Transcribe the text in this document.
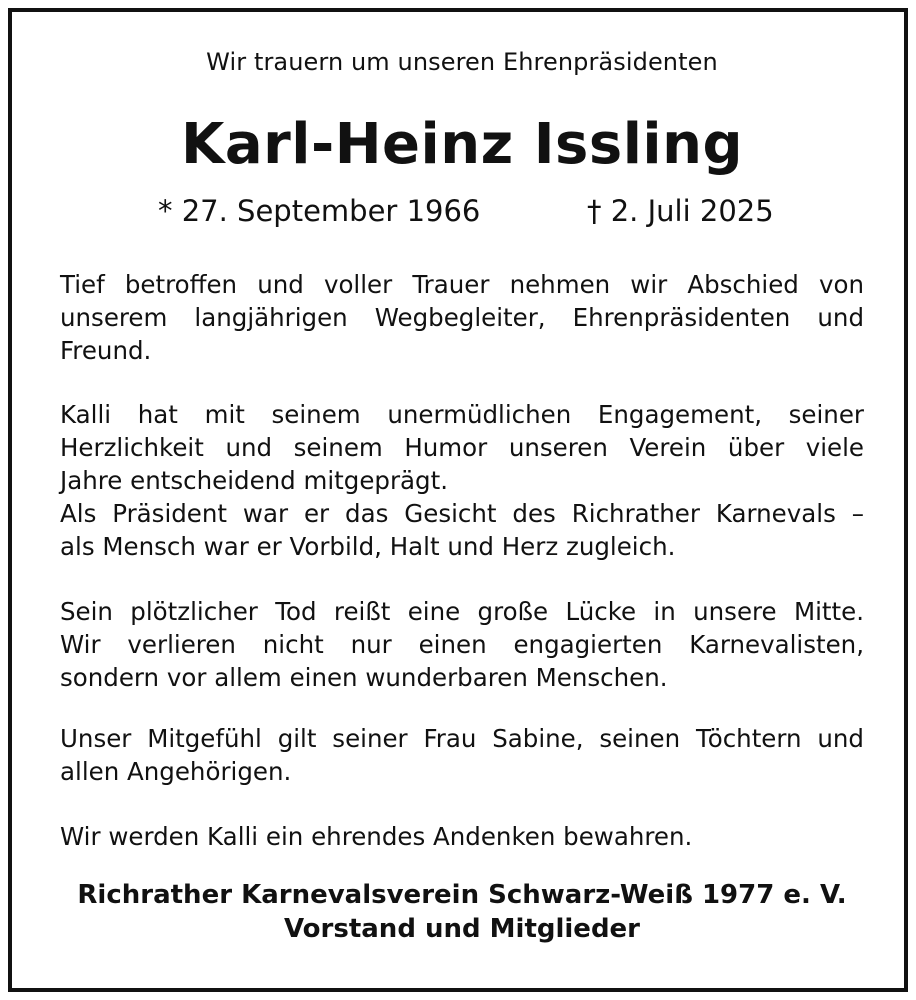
Wir trauern um unseren Ehrenpräsidenten
Karl-Heinz Issling
* 27. September 1966	† 2. Juli 2025

Tief betroffen und voller Trauer nehmen wir Abschied von
unserem langjährigen Wegbegleiter, Ehrenpräsidenten und
Freund.

Kalli hat mit seinem unermüdlichen Engagement, seiner
Herzlichkeit und seinem Humor unseren Verein über viele
Jahre entscheidend mitgeprägt.
Als Präsident war er das Gesicht des Richrather Karnevals –
als Mensch war er Vorbild, Halt und Herz zugleich.

Sein plötzlicher Tod reißt eine große Lücke in unsere Mitte.
Wir verlieren nicht nur einen engagierten Karnevalisten,
sondern vor allem einen wunderbaren Menschen.

Unser Mitgefühl gilt seiner Frau Sabine, seinen Töchtern und
allen Angehörigen.

Wir werden Kalli ein ehrendes Andenken bewahren.

Richrather Karnevalsverein Schwarz-Weiß 1977 e. V.
Vorstand und Mitglieder
